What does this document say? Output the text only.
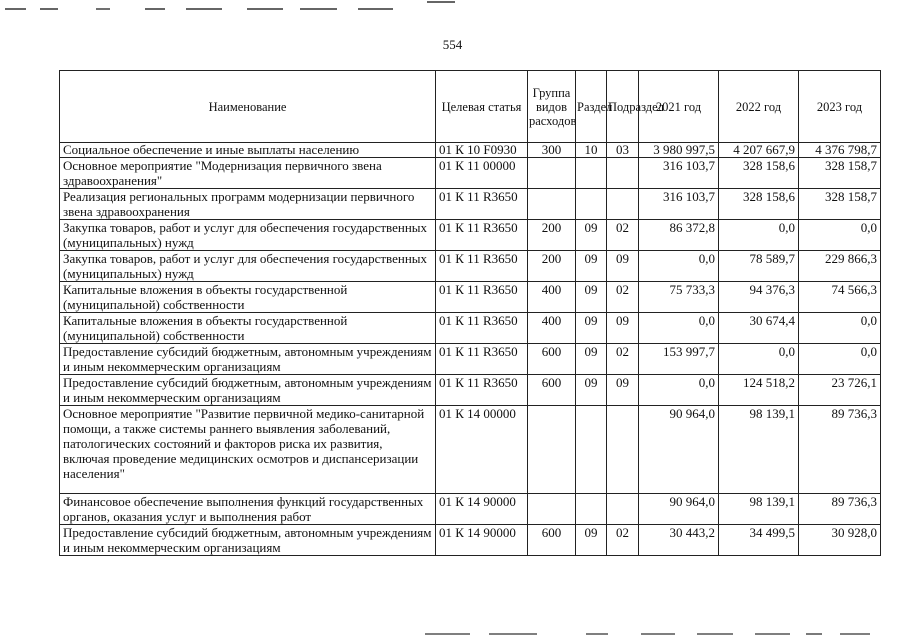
554
Наименование	Целевая статья	Группа видов расходов	Раздел	Подраздел	2021 год	2022 год	2023 год
Социальное обеспечение и иные выплаты населению	01 К 10 F0930	300	10	03	3 980 997,5	4 207 667,9	4 376 798,7
Основное мероприятие "Модернизация первичного звена здравоохранения"	01 К 11 00000				316 103,7	328 158,6	328 158,7
Реализация региональных программ модернизации первичного звена здравоохранения	01 К 11 R3650				316 103,7	328 158,6	328 158,7
Закупка товаров, работ и услуг для обеспечения государственных (муниципальных) нужд	01 К 11 R3650	200	09	02	86 372,8	0,0	0,0
Закупка товаров, работ и услуг для обеспечения государственных (муниципальных) нужд	01 К 11 R3650	200	09	09	0,0	78 589,7	229 866,3
Капитальные вложения в объекты государственной (муниципальной) собственности	01 К 11 R3650	400	09	02	75 733,3	94 376,3	74 566,3
Капитальные вложения в объекты государственной (муниципальной) собственности	01 К 11 R3650	400	09	09	0,0	30 674,4	0,0
Предоставление субсидий бюджетным, автономным учреждениям и иным некоммерческим организациям	01 К 11 R3650	600	09	02	153 997,7	0,0	0,0
Предоставление субсидий бюджетным, автономным учреждениям и иным некоммерческим организациям	01 К 11 R3650	600	09	09	0,0	124 518,2	23 726,1
Основное мероприятие "Развитие первичной медико-санитарной помощи, а также системы раннего выявления заболеваний, патологических состояний и факторов риска их развития, включая проведение медицинских осмотров и диспансеризации населения"	01 К 14 00000				90 964,0	98 139,1	89 736,3
Финансовое обеспечение выполнения функций государственных органов, оказания услуг и выполнения работ	01 К 14 90000				90 964,0	98 139,1	89 736,3
Предоставление субсидий бюджетным, автономным учреждениям и иным некоммерческим организациям	01 К 14 90000	600	09	02	30 443,2	34 499,5	30 928,0
